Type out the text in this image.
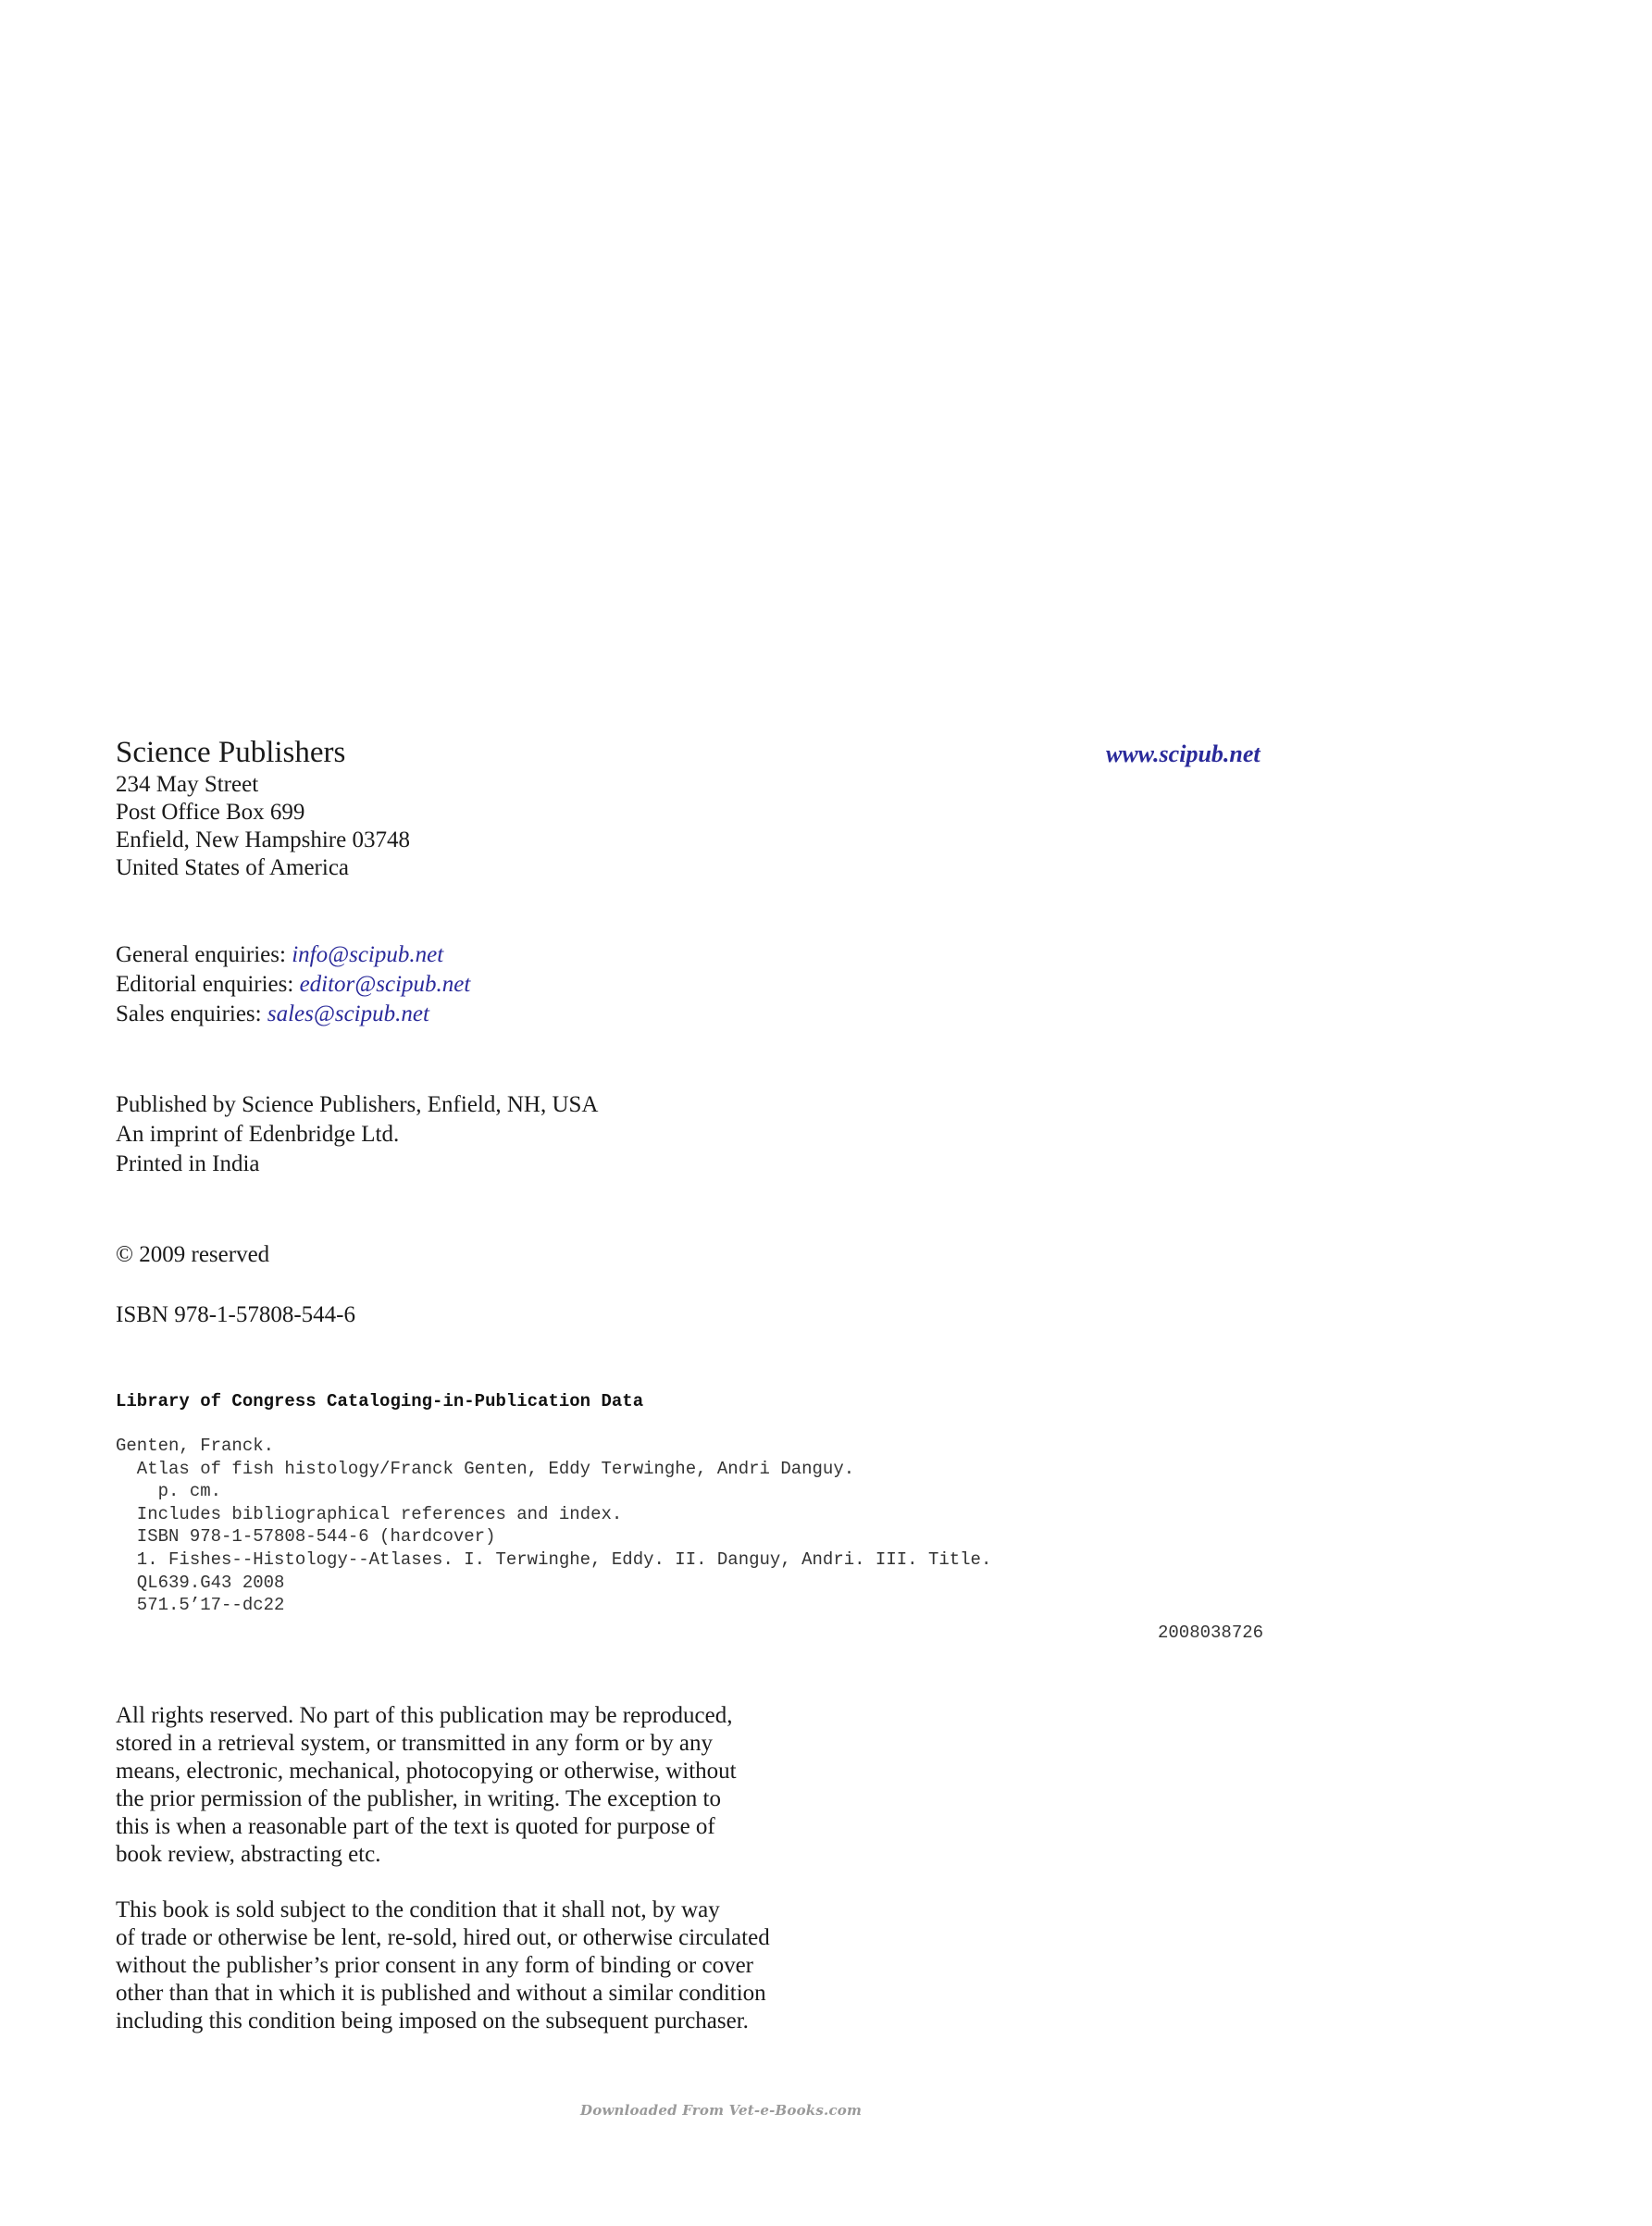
Science Publishers
234 May Street
Post Office Box 699
Enfield, New Hampshire 03748
United States of America
www.scipub.net
General enquiries: info@scipub.net
Editorial enquiries: editor@scipub.net
Sales enquiries: sales@scipub.net
Published by Science Publishers, Enfield, NH, USA
An imprint of Edenbridge Ltd.
Printed in India
© 2009 reserved
ISBN 978-1-57808-544-6
Library of Congress Cataloging-in-Publication Data
Genten, Franck.
Atlas of fish histology/Franck Genten, Eddy Terwinghe, Andri Danguy.
p. cm.
Includes bibliographical references and index.
ISBN 978-1-57808-544-6 (hardcover)
1. Fishes--Histology--Atlases. I. Terwinghe, Eddy. II. Danguy, Andri. III. Title.
QL639.G43 2008
571.5’17--dc22
2008038726
All rights reserved. No part of this publication may be reproduced,
stored in a retrieval system, or transmitted in any form or by any
means, electronic, mechanical, photocopying or otherwise, without
the prior permission of the publisher, in writing. The exception to
this is when a reasonable part of the text is quoted for purpose of
book review, abstracting etc.
This book is sold subject to the condition that it shall not, by way
of trade or otherwise be lent, re-sold, hired out, or otherwise circulated
without the publisher’s prior consent in any form of binding or cover
other than that in which it is published and without a similar condition
including this condition being imposed on the subsequent purchaser.
Downloaded From Vet-e-Books.com
